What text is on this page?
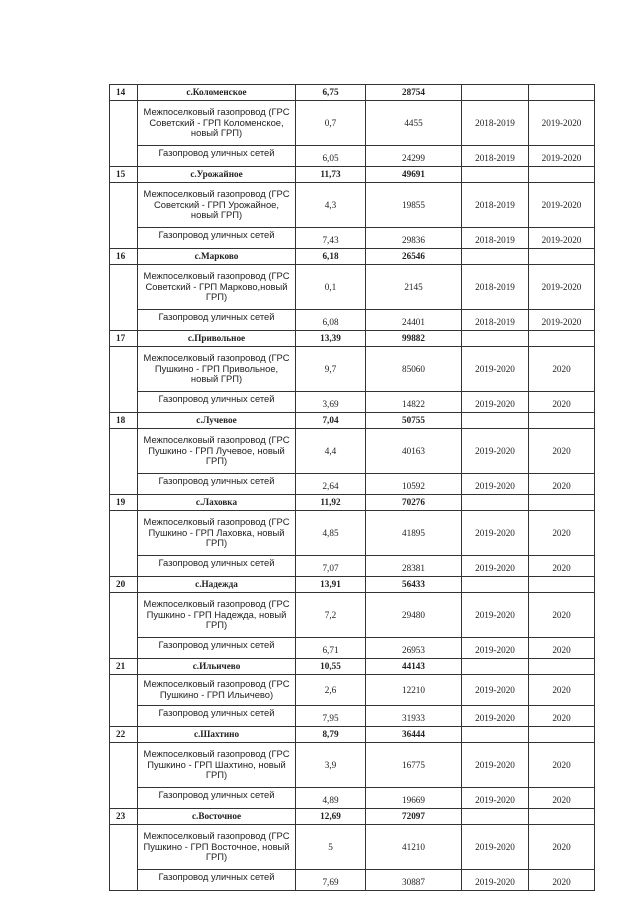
14	с.Коломенское	6,75	28754		
	Межпоселковый газопровод (ГРС Советский - ГРП Коломенское, новый ГРП)	0,7	4455	2018-2019	2019-2020
	Газопровод уличных сетей	6,05	24299	2018-2019	2019-2020
15	с.Урожайное	11,73	49691		
	Межпоселковый газопровод (ГРС Советский - ГРП Урожайное, новый ГРП)	4,3	19855	2018-2019	2019-2020
	Газопровод уличных сетей	7,43	29836	2018-2019	2019-2020
16	с.Марково	6,18	26546		
	Межпоселковый газопровод (ГРС Советский - ГРП Марково,новый ГРП)	0,1	2145	2018-2019	2019-2020
	Газопровод уличных сетей	6,08	24401	2018-2019	2019-2020
17	с.Привольное	13,39	99882		
	Межпоселковый газопровод (ГРС Пушкино - ГРП Привольное, новый ГРП)	9,7	85060	2019-2020	2020
	Газопровод уличных сетей	3,69	14822	2019-2020	2020
18	с.Лучевое	7,04	50755		
	Межпоселковый газопровод (ГРС Пушкино - ГРП Лучевое, новый ГРП)	4,4	40163	2019-2020	2020
	Газопровод уличных сетей	2,64	10592	2019-2020	2020
19	с.Лаховка	11,92	70276		
	Межпоселковый газопровод (ГРС Пушкино - ГРП Лаховка, новый ГРП)	4,85	41895	2019-2020	2020
	Газопровод уличных сетей	7,07	28381	2019-2020	2020
20	с.Надежда	13,91	56433		
	Межпоселковый газопровод (ГРС Пушкино - ГРП Надежда, новый ГРП)	7,2	29480	2019-2020	2020
	Газопровод уличных сетей	6,71	26953	2019-2020	2020
21	с.Ильичево	10,55	44143		
	Межпоселковый газопровод (ГРС Пушкино - ГРП Ильичево)	2,6	12210	2019-2020	2020
	Газопровод уличных сетей	7,95	31933	2019-2020	2020
22	с.Шахтино	8,79	36444		
	Межпоселковый газопровод (ГРС Пушкино - ГРП Шахтино, новый ГРП)	3,9	16775	2019-2020	2020
	Газопровод уличных сетей	4,89	19669	2019-2020	2020
23	с.Восточное	12,69	72097		
	Межпоселковый газопровод (ГРС Пушкино - ГРП Восточное, новый ГРП)	5	41210	2019-2020	2020
	Газопровод уличных сетей	7,69	30887	2019-2020	2020
